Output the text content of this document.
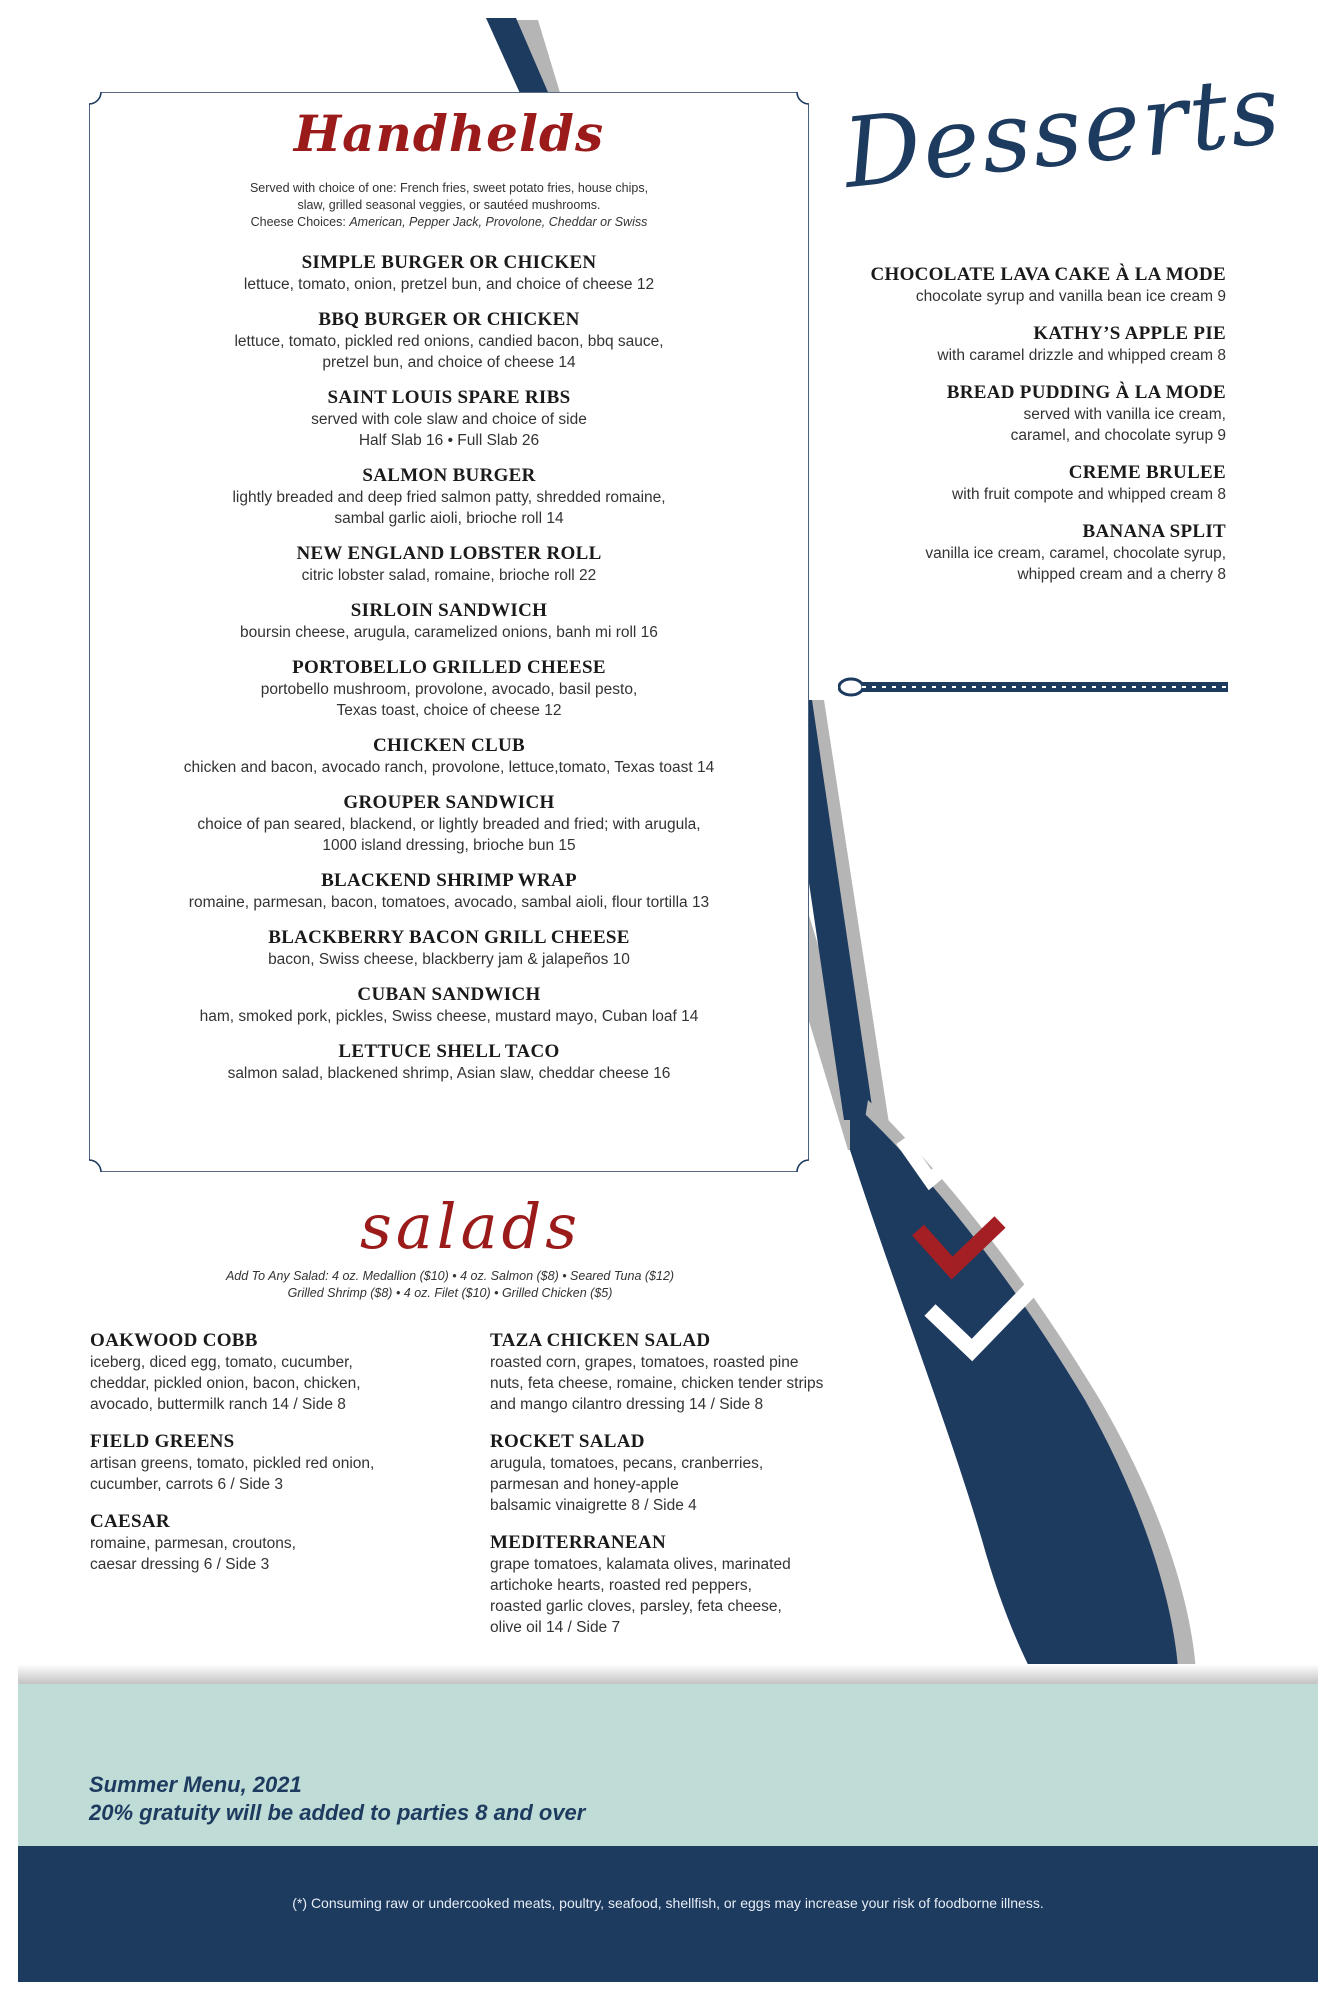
Handhelds
Served with choice of one: French fries, sweet potato fries, house chips,
slaw, grilled seasonal veggies, or sautéed mushrooms.
Cheese Choices: American, Pepper Jack, Provolone, Cheddar or Swiss
SIMPLE BURGER OR CHICKEN
lettuce, tomato, onion, pretzel bun, and choice of cheese 12
BBQ BURGER OR CHICKEN
lettuce, tomato, pickled red onions, candied bacon, bbq sauce,
pretzel bun, and choice of cheese 14
SAINT LOUIS SPARE RIBS
served with cole slaw and choice of side
Half Slab 16 • Full Slab 26
SALMON BURGER
lightly breaded and deep fried salmon patty, shredded romaine,
sambal garlic aioli, brioche roll 14
NEW ENGLAND LOBSTER ROLL
citric lobster salad, romaine, brioche roll 22
SIRLOIN SANDWICH
boursin cheese, arugula, caramelized onions, banh mi roll 16
PORTOBELLO GRILLED CHEESE
portobello mushroom, provolone, avocado, basil pesto,
Texas toast, choice of cheese 12
CHICKEN CLUB
chicken and bacon, avocado ranch, provolone, lettuce,tomato, Texas toast 14
GROUPER SANDWICH
choice of pan seared, blackend, or lightly breaded and fried; with arugula,
1000 island dressing, brioche bun 15
BLACKEND SHRIMP WRAP
romaine, parmesan, bacon, tomatoes, avocado, sambal aioli, flour tortilla 13
BLACKBERRY BACON GRILL CHEESE
bacon, Swiss cheese, blackberry jam & jalapeños 10
CUBAN SANDWICH
ham, smoked pork, pickles, Swiss cheese, mustard mayo, Cuban loaf 14
LETTUCE SHELL TACO
salmon salad, blackened shrimp, Asian slaw, cheddar cheese 16
Desserts
CHOCOLATE LAVA CAKE À LA MODE
chocolate syrup and vanilla bean ice cream 9
KATHY’S APPLE PIE
with caramel drizzle and whipped cream 8
BREAD PUDDING À LA MODE
served with vanilla ice cream,
caramel, and chocolate syrup 9
CREME BRULEE
with fruit compote and whipped cream 8
BANANA SPLIT
vanilla ice cream, caramel, chocolate syrup,
whipped cream and a cherry 8
salads
Add To Any Salad: 4 oz. Medallion ($10) • 4 oz. Salmon ($8) • Seared Tuna ($12)
Grilled Shrimp ($8) • 4 oz. Filet ($10) • Grilled Chicken ($5)
OAKWOOD COBB
iceberg, diced egg, tomato, cucumber,
cheddar, pickled onion, bacon, chicken,
avocado, buttermilk ranch 14 / Side 8
FIELD GREENS
artisan greens, tomato, pickled red onion,
cucumber, carrots 6 / Side 3
CAESAR
romaine, parmesan, croutons,
caesar dressing 6 / Side 3
TAZA CHICKEN SALAD
roasted corn, grapes, tomatoes, roasted pine
nuts, feta cheese, romaine, chicken tender strips
and mango cilantro dressing 14 / Side 8
ROCKET SALAD
arugula, tomatoes, pecans, cranberries,
parmesan and honey-apple
balsamic vinaigrette 8 / Side 4
MEDITERRANEAN
grape tomatoes, kalamata olives, marinated
artichoke hearts, roasted red peppers,
roasted garlic cloves, parsley, feta cheese,
olive oil 14 / Side 7
Summer Menu, 2021
20% gratuity will be added to parties 8 and over
(*) Consuming raw or undercooked meats, poultry, seafood, shellfish, or eggs may increase your risk of foodborne illness.
